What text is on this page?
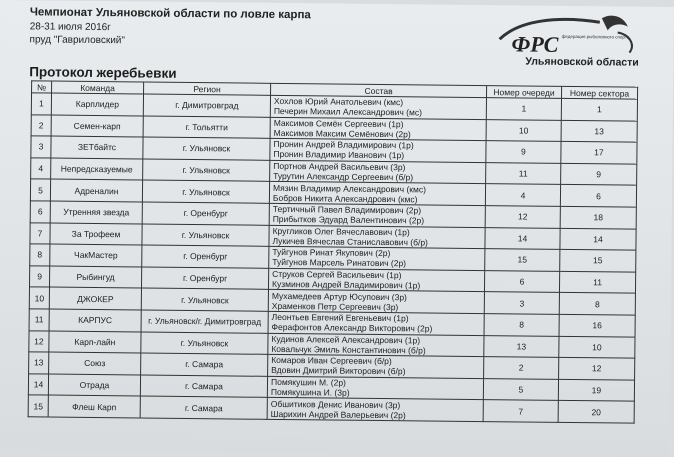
Чемпионат Ульяновской области по ловле карпа
28-31 июля 2016г
пруд "Гавриловский"	ФРС федерация рыболовного спорта
Ульяновской области
Протокол жеребьевки
№	Команда	Регион	Состав	Номер очереди	Номер сектора
1	Карплидер	г. Димитровград	Хохлов Юрий Анатольевич (кмс)
Печерин Михаил Александрович (мс)	1	1
2	Семен-карп	г. Тольятти	Максимов Семён Сергеевич (1р)
Максимов Максим Семёнович (2р)	10	13
3	ЗЕТбайтс	г. Ульяновск	Пронин Андрей Владимирович (1р)
Пронин Владимир Иванович (1р)	9	17
4	Непредсказуемые	г. Ульяновск	Портнов Андрей Васильевич (3р)
Турутин Александр Сергеевич (б/р)	11	9
5	Адреналин	г. Ульяновск	Мязин Владимир Александрович (кмс)
Бобров Никита Александрович (кмс)	4	6
6	Утренняя звезда	г. Оренбург	Тертичный Павел Владимирович (2р)
Прибытков Эдуард Валентинович (2р)	12	18
7	За Трофеем	г. Ульяновск	Кругликов Олег Вячеславович (1р)
Лукичев Вячеслав Станиславович (б/р)	14	14
8	ЧакМастер	г. Оренбург	Туйгунов Ринат Якупович (2р)
Туйгунов Марсель Ринатович (2р)	15	15
9	Рыбингуд	г. Оренбург	Струков Сергей Васильевич (1р)
Кузминов Андрей Владимирович (1р)	6	11
10	ДЖОКЕР	г. Ульяновск	Мухамедеев Артур Юсупович (3р)
Храменков Петр Сергеевич (3р)	3	8
11	КАРПУС	г. Ульяновск/г. Димитровград	Леонтьев Евгений Евгеньевич (1р)
Ферафонтов Александр Викторович (2р)	8	16
12	Карп-лайн	г. Ульяновск	Кудинов Алексей Александрович (1р)
Ковальчук Эмиль Константинович (б/р)	13	10
13	Союз	г. Самара	Комаров Иван Сергеевич (б/р)
Вдовин Дмитрий Викторович (б/р)	2	12
14	Отрада	г. Самара	Помякушин М. (2р)
Помякушина И. (3р)	5	19
15	Флеш Карп	г. Самара	Обшитиков Денис Иванович (3р)
Шарихин Андрей Валерьевич (2р)	7	20
